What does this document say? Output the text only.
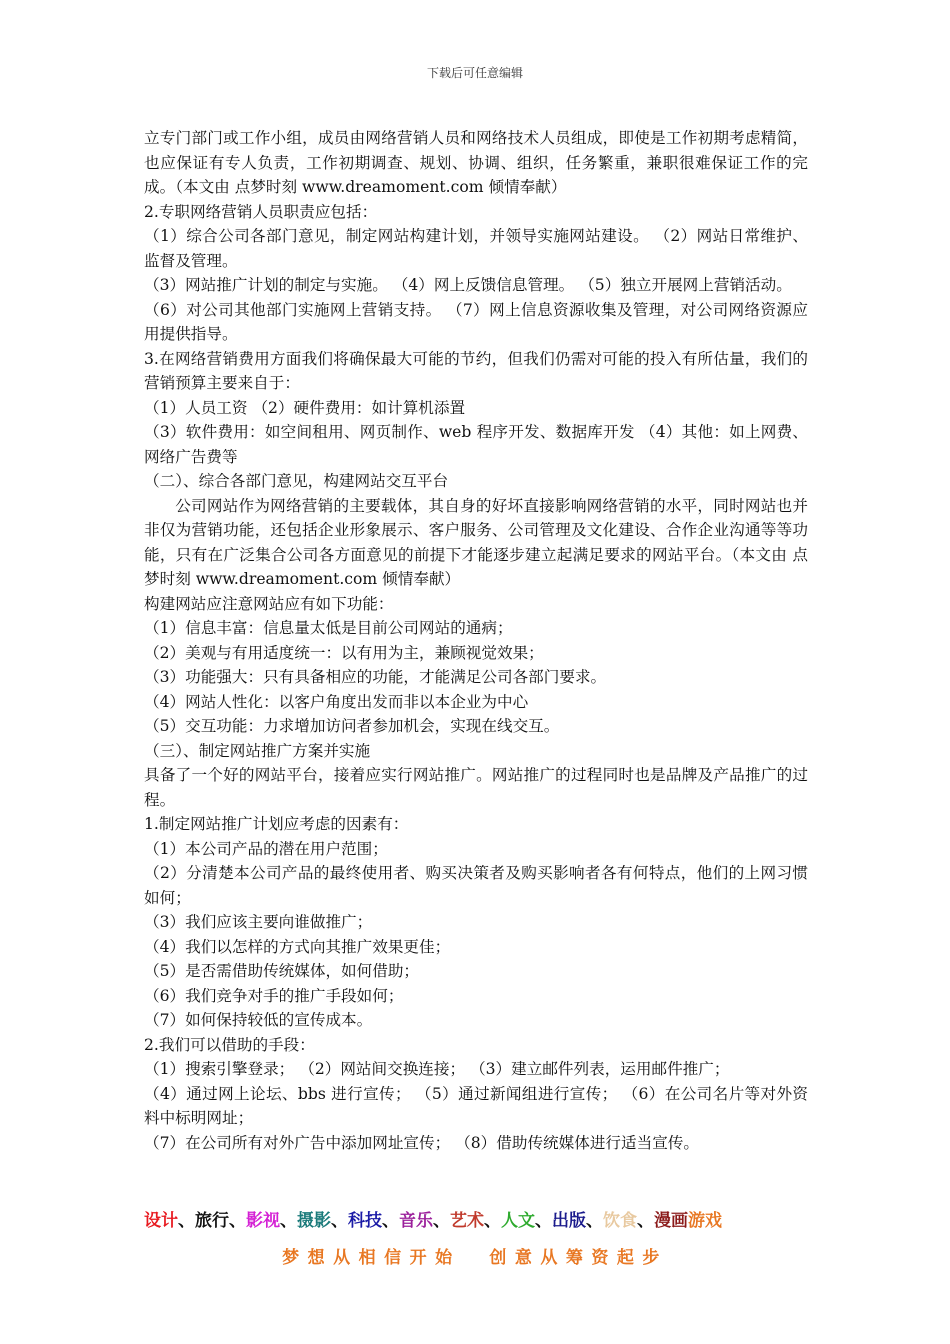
下载后可任意编辑

立专门部门或工作小组，成员由网络营销人员和网络技术人员组成，即使是工作初期考虑精简，也应保证有专人负责，工作初期调查、规划、协调、组织，任务繁重，兼职很难保证工作的完成。（本文由 点梦时刻 www.dreamoment.com 倾情奉献）

2.专职网络营销人员职责应包括：

（1）综合公司各部门意见，制定网站构建计划，并领导实施网站建设。 （2）网站日常维护、监督及管理。

（3）网站推广计划的制定与实施。 （4）网上反馈信息管理。 （5）独立开展网上营销活动。

（6）对公司其他部门实施网上营销支持。 （7）网上信息资源收集及管理，对公司网络资源应用提供指导。

3.在网络营销费用方面我们将确保最大可能的节约，但我们仍需对可能的投入有所估量，我们的营销预算主要来自于：

（1）人员工资 （2）硬件费用：如计算机添置

（3）软件费用：如空间租用、网页制作、web 程序开发、数据库开发 （4）其他：如上网费、网络广告费等

（二）、综合各部门意见，构建网站交互平台

公司网站作为网络营销的主要载体，其自身的好坏直接影响网络营销的水平，同时网站也并非仅为营销功能，还包括企业形象展示、客户服务、公司管理及文化建设、合作企业沟通等等功能，只有在广泛集合公司各方面意见的前提下才能逐步建立起满足要求的网站平台。（本文由 点梦时刻 www.dreamoment.com 倾情奉献）

构建网站应注意网站应有如下功能：

（1）信息丰富：信息量太低是目前公司网站的通病；

（2）美观与有用适度统一：以有用为主，兼顾视觉效果；

（3）功能强大：只有具备相应的功能，才能满足公司各部门要求。

（4）网站人性化：以客户角度出发而非以本企业为中心

（5）交互功能：力求增加访问者参加机会，实现在线交互。

（三）、制定网站推广方案并实施

具备了一个好的网站平台，接着应实行网站推广。网站推广的过程同时也是品牌及产品推广的过程。

1.制定网站推广计划应考虑的因素有：

（1）本公司产品的潜在用户范围；

（2）分清楚本公司产品的最终使用者、购买决策者及购买影响者各有何特点，他们的上网习惯如何；

（3）我们应该主要向谁做推广；

（4）我们以怎样的方式向其推广效果更佳；

（5）是否需借助传统媒体，如何借助；

（6）我们竞争对手的推广手段如何；

（7）如何保持较低的宣传成本。

2.我们可以借助的手段：

（1）搜索引擎登录； （2）网站间交换连接； （3）建立邮件列表，运用邮件推广；

（4）通过网上论坛、bbs 进行宣传； （5）通过新闻组进行宣传； （6）在公司名片等对外资料中标明网址；

（7）在公司所有对外广告中添加网址宣传； （8）借助传统媒体进行适当宣传。

设计、旅行、影视、摄影、科技、音乐、艺术、人文、出版、饮食、漫画游戏
梦想从相信开始  创意从筹资起步
